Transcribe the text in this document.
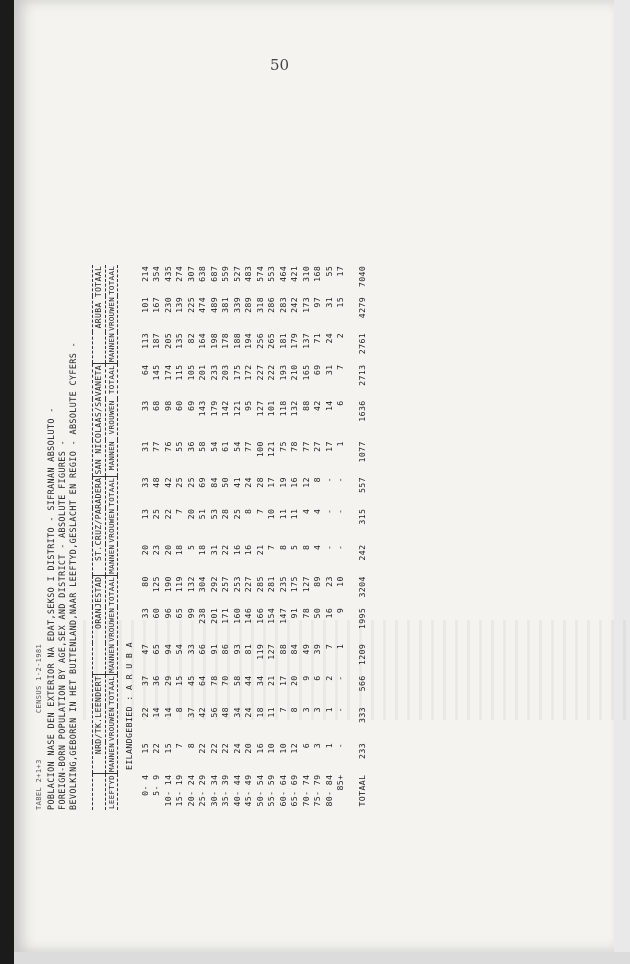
50
TABEL 2+1+3          CENSUS 1-2-1981 POBLACION NASE DEN EXTERIOR NA EDAT,SEKSO I DISTRITO - SIFRANAN ABSOLUTO - FOREIGN-BORN POPULATION BY AGE,SEX AND DISTRICT - ABSOLUTE FIGURES - BEVOLKING,GEBOREN IN HET BUITENLAND,NAAR LEEFTYD,GESLACHT EN REGIO - ABSOLUTE CYFERS -
	NRD/TK.LEENDERT			ORANJESTAD			ST.CRUZ/PARADERA			SAN NICOLAAS/SAVANETA			ARUBA TOTAAL		
LEEFTYD	MANNEN	VROUWEN	TOTAAL	MANNEN	VROUWEN	TOTAAL	MANNEN	VROUWEN	TOTAAL	MANNEN	VROUWEN	TOTAAL	MANNEN	VROUWEN	TOTAAL
EILANDGEBIED : A R U B A															
0- 4	15	22	37	47	33	80	20	13	33	31	33	64	113	101	214
5- 9	22	14	36	65	60	125	23	25	48	77	68	145	187	167	354
10- 14	15	14	29	94	96	190	20	22	42	76	98	174	205	230	435
15- 19	7	8	15	54	65	119	18	7	25	55	60	115	135	139	274
20- 24	8	37	45	33	99	132	5	20	25	36	69	105	82	225	307
25- 29	22	42	64	66	238	304	18	51	69	58	143	201	164	474	638
30- 34	22	56	78	91	201	292	31	53	84	54	179	233	198	489	687
35- 39	22	48	70	86	171	257	22	28	50	61	142	203	178	381	559
40- 44	24	34	58	93	160	253	16	25	41	54	121	175	188	339	527
45- 49	20	24	44	81	146	227	16	8	24	77	95	172	194	289	483
50- 54	16	18	34	119	166	285	21	7	28	100	127	227	256	318	574
55- 59	10	11	21	127	154	281	7	10	17	121	101	222	265	286	553
60- 64	10	7	17	88	147	235	8	11	19	75	118	193	181	283	464
65- 69	12	8	20	84	91	175	5	11	16	78	132	210	179	242	421
70- 74	6	3	9	49	78	127	8	4	12	77	88	165	137	173	310
75- 79	3	3	6	39	50	89	4	4	8	27	42	69	71	97	168
80- 84	1	1	2	7	16	23	-	-	-	17	14	31	24	31	55
85+	-	-	-	1	9	10	-	-	-	1	6	7	2	15	17
TOTAAL	233	333	566	1209	1995	3204	242	315	557	1077	1636	2713	2761	4279	7040
